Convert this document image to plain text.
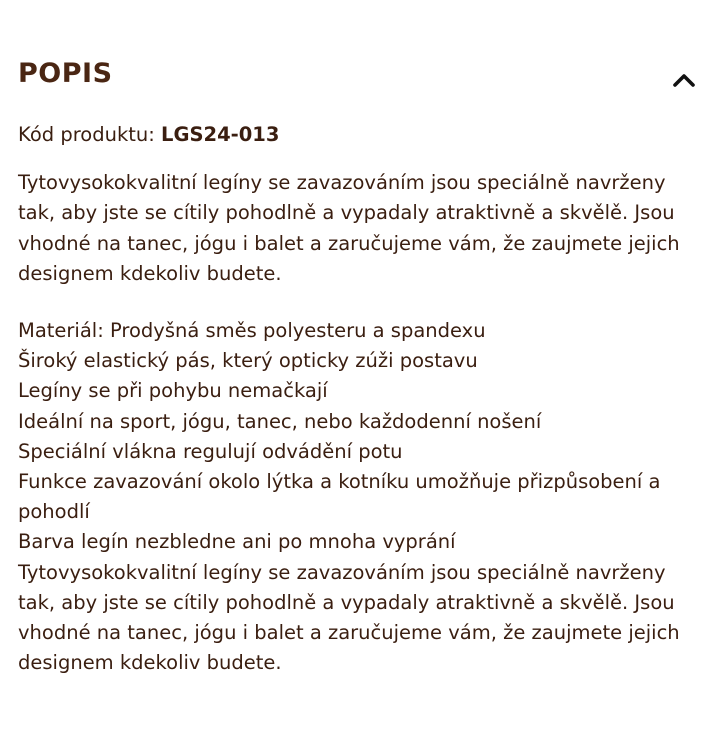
POPIS

Kód produktu: LGS24-013

Tytovysokokvalitní legíny se zavazováním jsou speciálně navrženy tak, aby jste se cítily pohodlně a vypadaly atraktivně a skvělě. Jsou vhodné na tanec, jógu i balet a zaručujeme vám, že zaujmete jejich designem kdekoliv budete.

Materiál: Prodyšná směs polyesteru a spandexu
Široký elastický pás, který opticky zúži postavu
Legíny se při pohybu nemačkají
Ideální na sport, jógu, tanec, nebo každodenní nošení
Speciální vlákna regulují odvádění potu
Funkce zavazování okolo lýtka a kotníku umožňuje přizpůsobení a pohodlí
Barva legín nezbledne ani po mnoha vyprání

Tytovysokokvalitní legíny se zavazováním jsou speciálně navrženy tak, aby jste se cítily pohodlně a vypadaly atraktivně a skvělě. Jsou vhodné na tanec, jógu i balet a zaručujeme vám, že zaujmete jejich designem kdekoliv budete.
